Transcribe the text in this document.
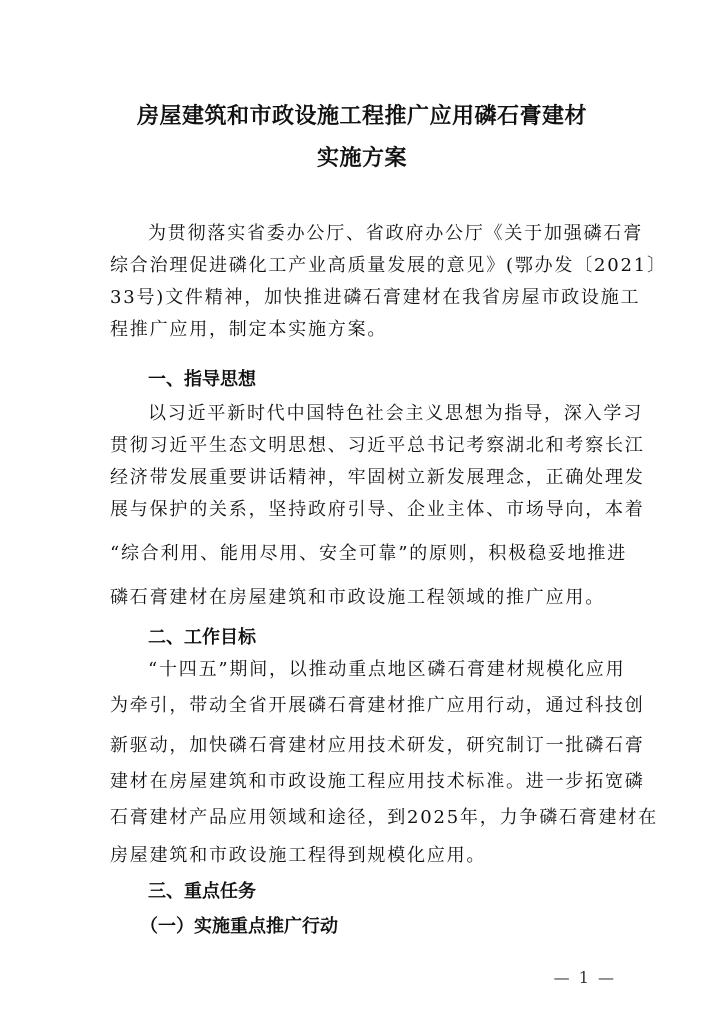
房屋建筑和市政设施工程推广应用磷石膏建材
实施方案
为贯彻落实省委办公厅、省政府办公厅《关于加强磷石膏
综合治理促进磷化工产业高质量发展的意见》(鄂办发〔2021〕
33号)文件精神，加快推进磷石膏建材在我省房屋市政设施工
程推广应用，制定本实施方案。
一、指导思想
以习近平新时代中国特色社会主义思想为指导，深入学习
贯彻习近平生态文明思想、习近平总书记考察湖北和考察长江
经济带发展重要讲话精神，牢固树立新发展理念，正确处理发
展与保护的关系，坚持政府引导、企业主体、市场导向，本着
“综合利用、能用尽用、安全可靠”的原则，积极稳妥地推进
磷石膏建材在房屋建筑和市政设施工程领域的推广应用。
二、工作目标
“十四五”期间，以推动重点地区磷石膏建材规模化应用
为牵引，带动全省开展磷石膏建材推广应用行动，通过科技创
新驱动，加快磷石膏建材应用技术研发，研究制订一批磷石膏
建材在房屋建筑和市政设施工程应用技术标准。进一步拓宽磷
石膏建材产品应用领域和途径，到2025年，力争磷石膏建材在
房屋建筑和市政设施工程得到规模化应用。
三、重点任务
（一）实施重点推广行动
— 1 —
